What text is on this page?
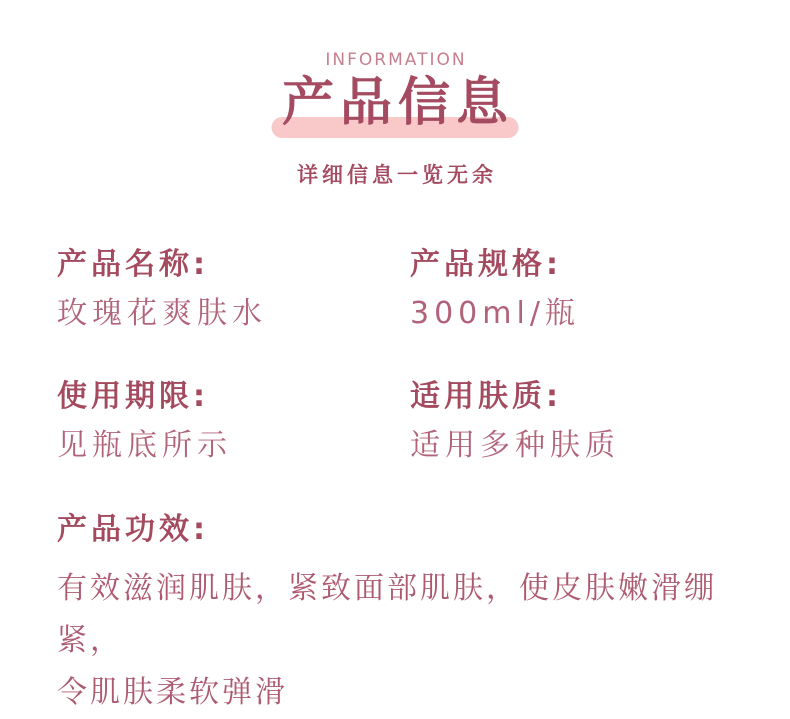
INFORMATION
产品信息
详细信息一览无余
产品名称:
玫瑰花爽肤水
产品规格:
300ml/瓶
使用期限:
见瓶底所示
适用肤质:
适用多种肤质
产品功效:
有效滋润肌肤，紧致面部肌肤，使皮肤嫩滑绷紧，
令肌肤柔软弹滑
